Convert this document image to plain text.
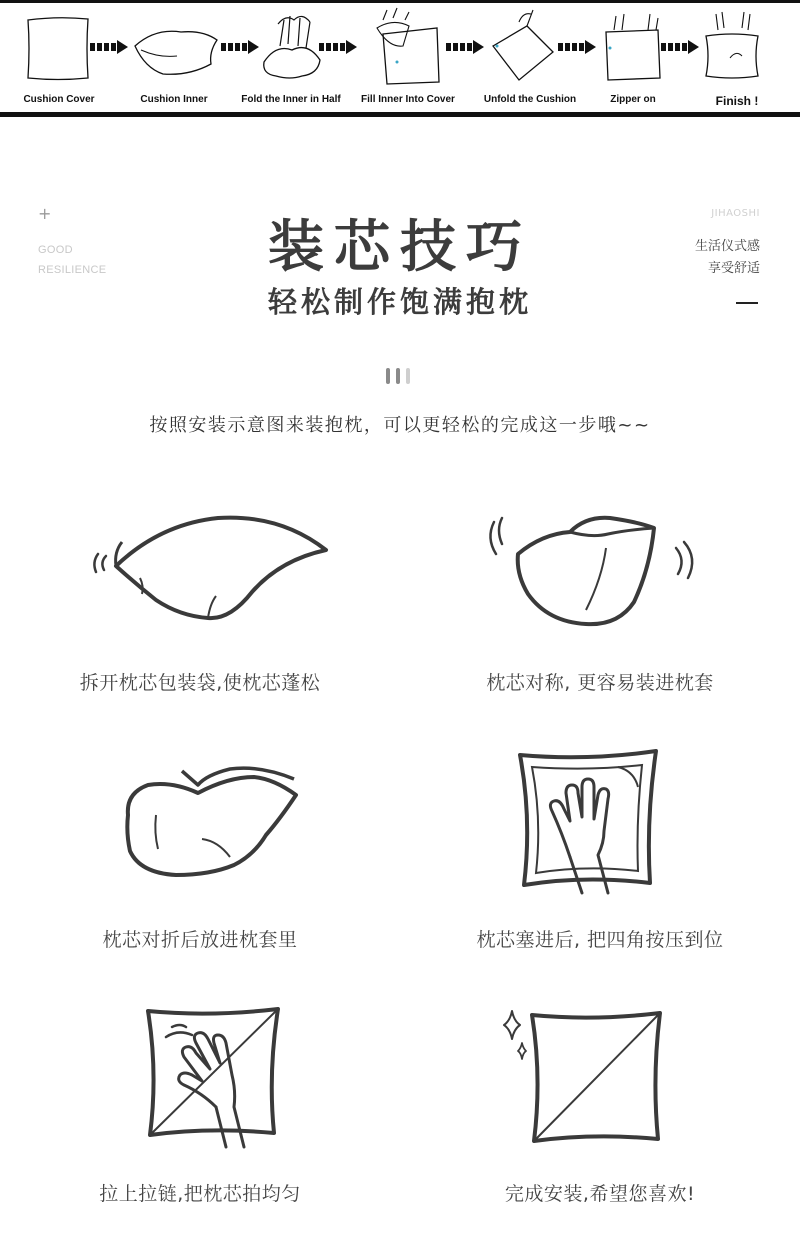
Cushion Cover	Cushion Inner	Fold the Inner in Half	Fill Inner Into Cover	Unfold the Cushion	Zipper on	Finish !
+
GOOD
RESILIENCE
JIHAOSHI
生活仪式感
享受舒适
装芯技巧
轻松制作饱满抱枕
按照安装示意图来装抱枕，可以更轻松的完成这一步哦~~
拆开枕芯包装袋,使枕芯蓬松	枕芯对称, 更容易装进枕套
枕芯对折后放进枕套里	枕芯塞进后, 把四角按压到位
拉上拉链,把枕芯拍均匀	完成安装,希望您喜欢!
